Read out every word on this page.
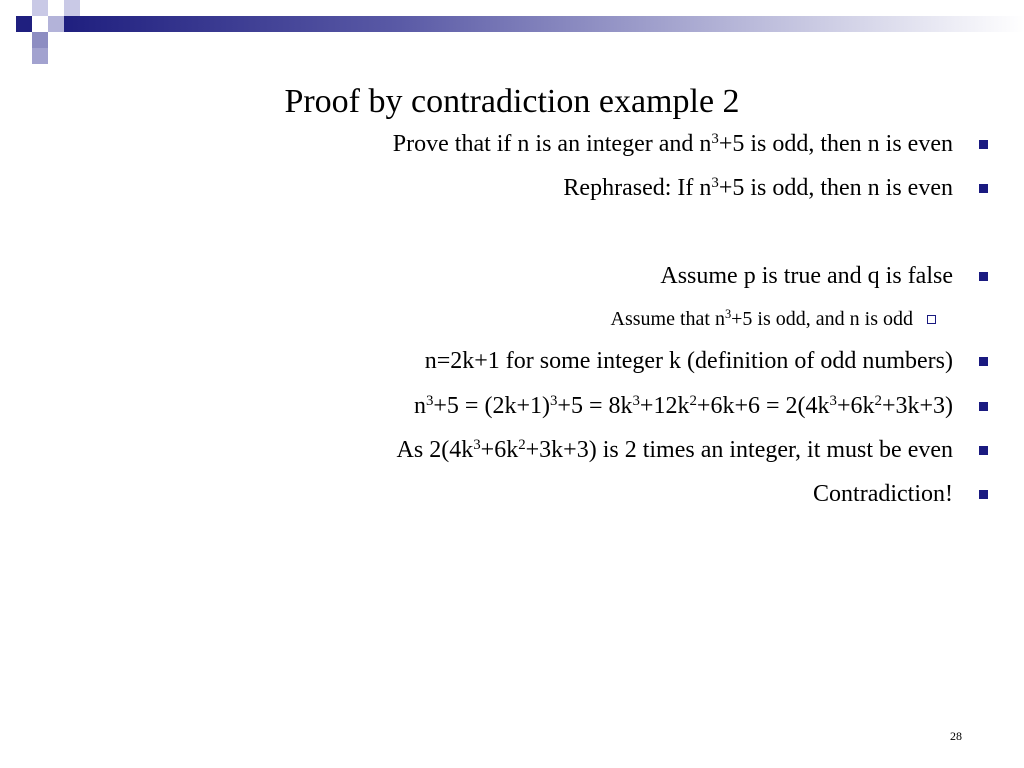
Proof by contradiction example 2
Prove that if n is an integer and $n^3+5$ is odd, then n is even
Rephrased: If $n^3+5$ is odd, then n is even
Assume p is true and q is false
Assume that $n^3+5$ is odd, and n is odd
n=2k+1 for some integer k (definition of odd numbers)
$n^3+5 = (2k+1)^3+5 = 8k^3+12k^2+6k+6 = 2(4k^3+6k^2+3k+3)$
As $2(4k^3+6k^2+3k+3)$ is 2 times an integer, it must be even
Contradiction!
28
